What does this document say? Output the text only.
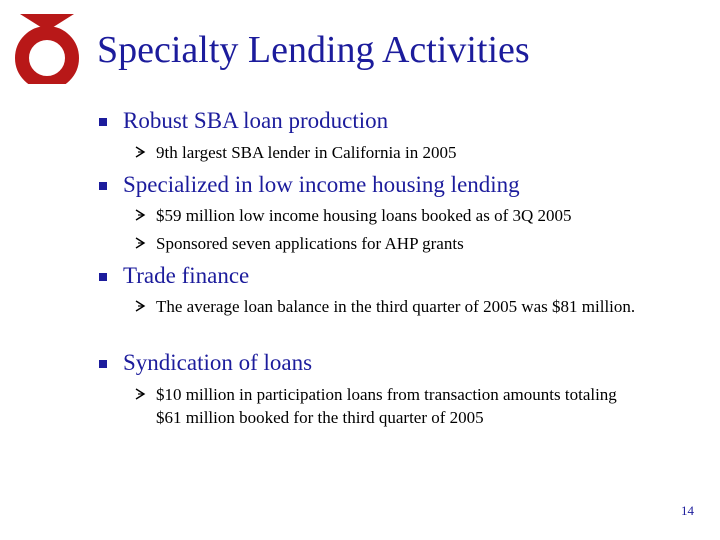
Specialty Lending Activities
Robust SBA loan production
9th largest SBA lender in California in 2005
Specialized in low income housing lending
$59 million low income housing loans booked as of 3Q 2005
Sponsored seven applications for AHP grants
Trade finance
The average loan balance in the third quarter of 2005 was $81 million.
Syndication of loans
$10 million in participation loans from transaction amounts totaling $61 million booked for the third quarter of 2005
14
